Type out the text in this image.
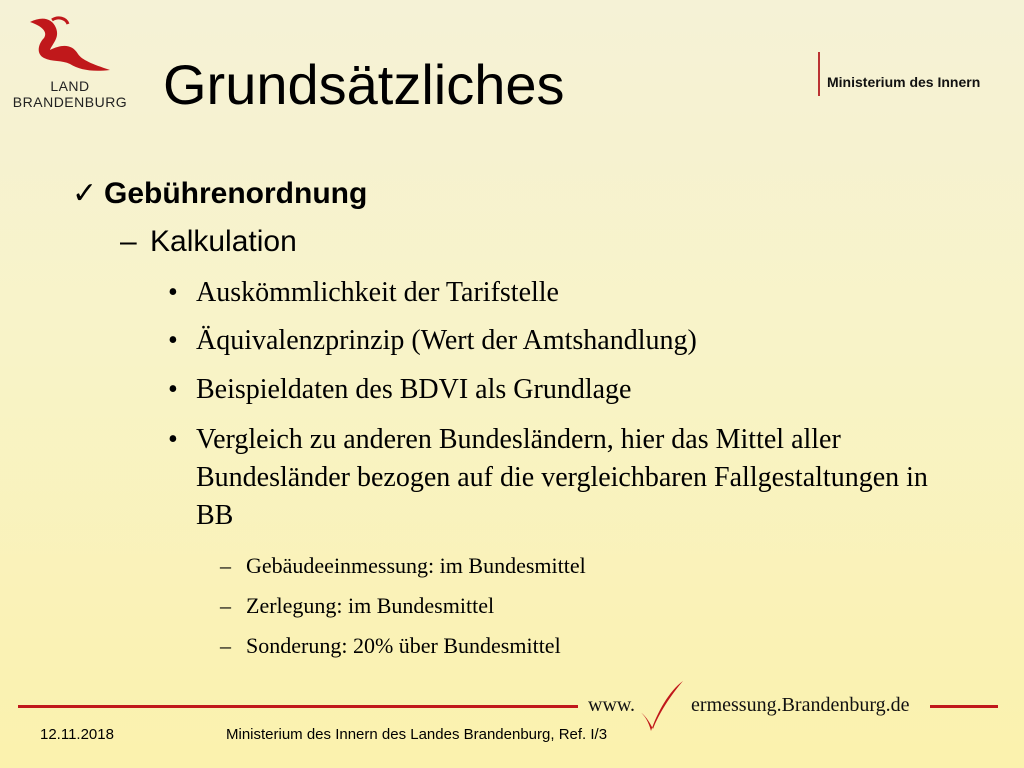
LAND
BRANDENBURG Grundsätzliches	Ministerium des Innern
✓ Gebührenordnung
– Kalkulation
• Auskömmlichkeit der Tarifstelle
• Äquivalenzprinzip (Wert der Amtshandlung)
• Beispieldaten des BDVI als Grundlage
• Vergleich zu anderen Bundesländern, hier das Mittel aller Bundesländer bezogen auf die vergleichbaren Fallgestaltungen in BB
– Gebäudeeinmessung: im Bundesmittel
– Zerlegung: im Bundesmittel
– Sonderung: 20% über Bundesmittel
www.	ermessung.Brandenburg.de
12.11.2018	Ministerium des Innern des Landes Brandenburg, Ref. I/3
